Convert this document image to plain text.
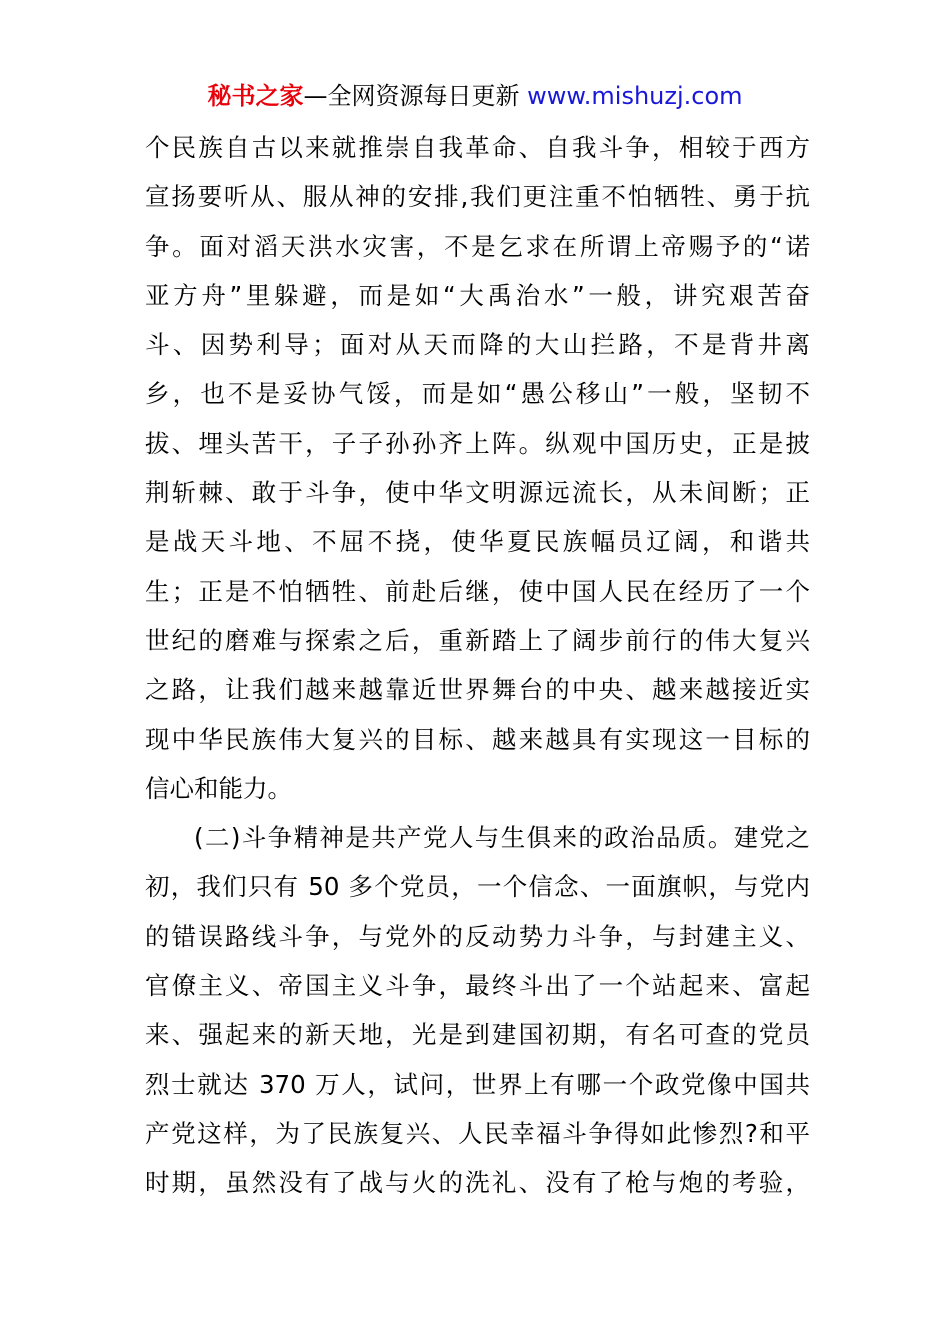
秘书之家—全网资源每日更新 www.mishuzj.com
个民族自古以来就推崇自我革命、自我斗争，相较于西方
宣扬要听从、服从神的安排,我们更注重不怕牺牲、勇于抗
争。面对滔天洪水灾害，不是乞求在所谓上帝赐予的“诺
亚方舟”里躲避，而是如“大禹治水”一般，讲究艰苦奋
斗、因势利导；面对从天而降的大山拦路，不是背井离
乡，也不是妥协气馁，而是如“愚公移山”一般，坚韧不
拔、埋头苦干，子子孙孙齐上阵。纵观中国历史，正是披
荆斩棘、敢于斗争，使中华文明源远流长，从未间断；正
是战天斗地、不屈不挠，使华夏民族幅员辽阔，和谐共
生；正是不怕牺牲、前赴后继，使中国人民在经历了一个
世纪的磨难与探索之后，重新踏上了阔步前行的伟大复兴
之路，让我们越来越靠近世界舞台的中央、越来越接近实
现中华民族伟大复兴的目标、越来越具有实现这一目标的
信心和能力。
(二)斗争精神是共产党人与生俱来的政治品质。建党之
初，我们只有 50 多个党员，一个信念、一面旗帜，与党内
的错误路线斗争，与党外的反动势力斗争，与封建主义、
官僚主义、帝国主义斗争，最终斗出了一个站起来、富起
来、强起来的新天地，光是到建国初期，有名可查的党员
烈士就达 370 万人，试问，世界上有哪一个政党像中国共
产党这样，为了民族复兴、人民幸福斗争得如此惨烈?和平
时期，虽然没有了战与火的洗礼、没有了枪与炮的考验，
